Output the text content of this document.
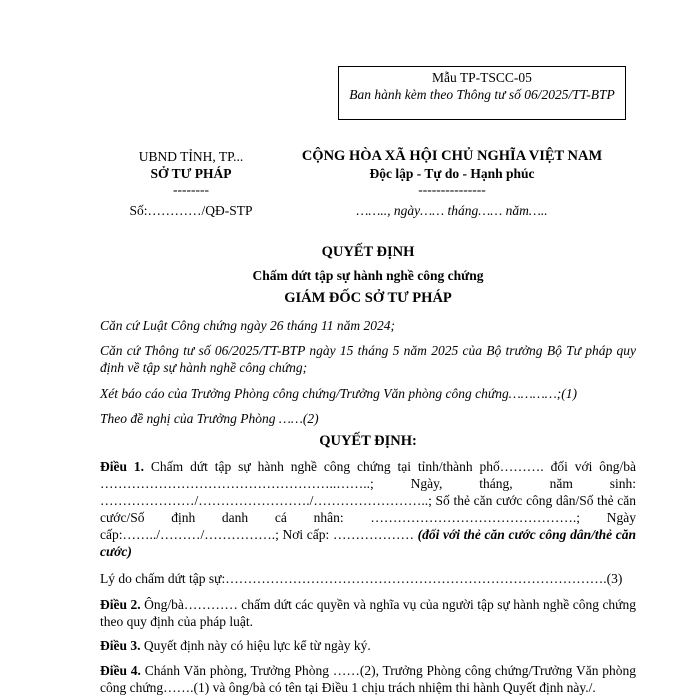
Mẫu TP-TSCC-05
Ban hành kèm theo Thông tư số 06/2025/TT-BTP
UBND TỈNH, TP...
SỞ TƯ PHÁP
--------
Số:…………/QĐ-STP
CỘNG HÒA XÃ HỘI CHỦ NGHĨA VIỆT NAM
Độc lập - Tự do - Hạnh phúc
---------------
…….., ngày…… tháng…… năm…..
QUYẾT ĐỊNH
Chấm dứt tập sự hành nghề công chứng
GIÁM ĐỐC SỞ TƯ PHÁP
Căn cứ Luật Công chứng ngày 26 tháng 11 năm 2024;
Căn cứ Thông tư số 06/2025/TT-BTP ngày 15 tháng 5 năm 2025 của Bộ trưởng Bộ Tư pháp quy định về tập sự hành nghề công chứng;
Xét báo cáo của Trưởng Phòng công chứng/Trưởng Văn phòng công chứng…………;(1)
Theo đề nghị của Trưởng Phòng ……(2)
QUYẾT ĐỊNH:
Điều 1. Chấm dứt tập sự hành nghề công chứng tại tỉnh/thành phố………. đối với ông/bà ……………………………………………..……..; Ngày, tháng, năm sinh: …………………/……………………./……………………..; Số thẻ căn cước công dân/Số thẻ căn cước/Số định danh cá nhân: ……………………………………….; Ngày cấp:……../………/…………….; Nơi cấp: ……………… (đối với thẻ căn cước công dân/thẻ căn cước)
Lý do chấm dứt tập sự:………………………………………………………………………….(3)
Điều 2. Ông/bà………… chấm dứt các quyền và nghĩa vụ của người tập sự hành nghề công chứng theo quy định của pháp luật.
Điều 3. Quyết định này có hiệu lực kể từ ngày ký.
Điều 4. Chánh Văn phòng, Trưởng Phòng ……(2), Trưởng Phòng công chứng/Trưởng Văn phòng công chứng…….(1) và ông/bà có tên tại Điều 1 chịu trách nhiệm thi hành Quyết định này./.
